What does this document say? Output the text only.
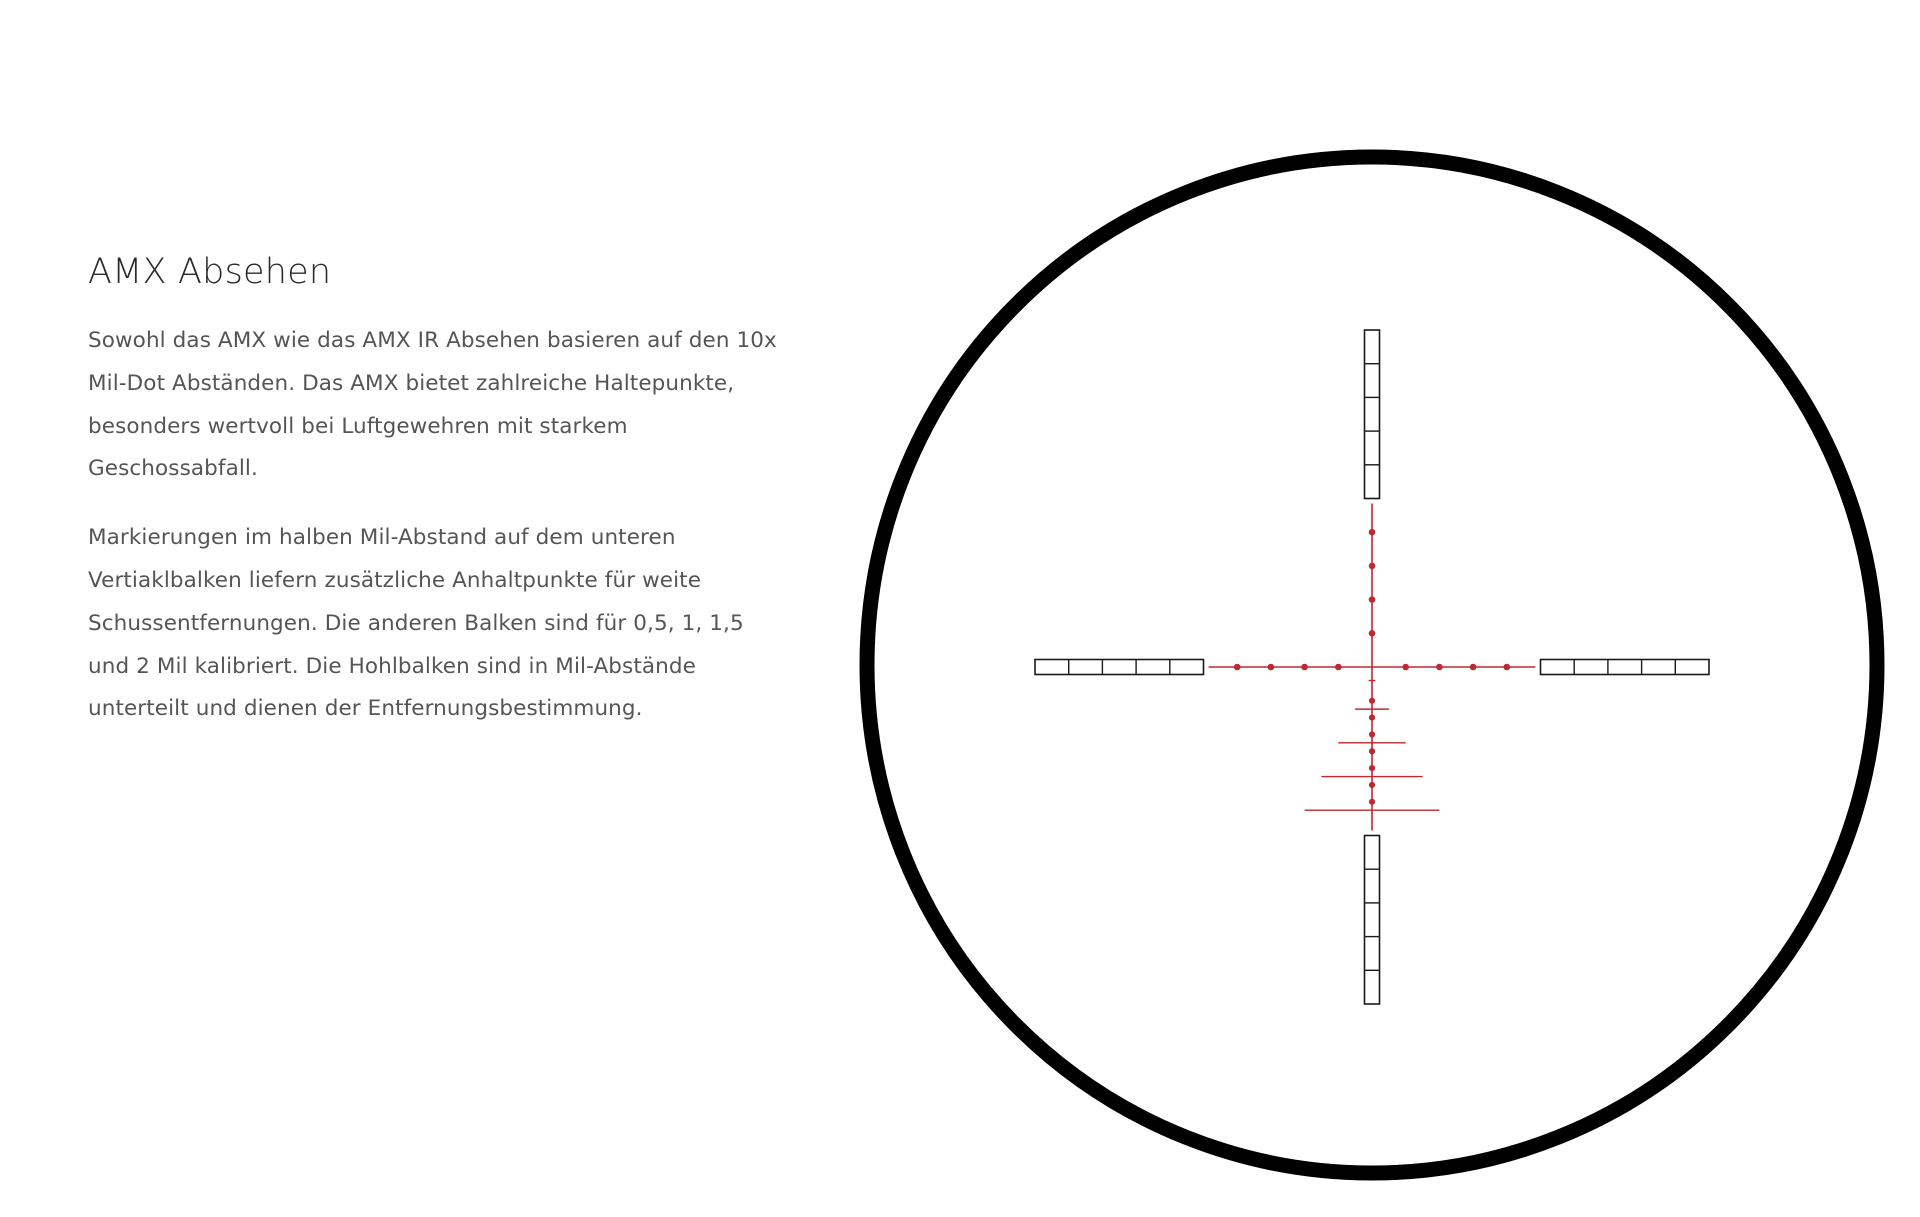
AMX Absehen

Sowohl das AMX wie das AMX IR Absehen basieren auf den 10x Mil-Dot Abständen. Das AMX bietet zahlreiche Haltepunkte, besonders wertvoll bei Luftgewehren mit starkem Geschossabfall.

Markierungen im halben Mil-Abstand auf dem unteren Vertiaklbalken liefern zusätzliche Anhaltpunkte für weite Schussentfernungen. Die anderen Balken sind für 0,5, 1, 1,5 und 2 Mil kalibriert. Die Hohlbalken sind in Mil-Abstände unterteilt und dienen der Entfernungsbestimmung.
